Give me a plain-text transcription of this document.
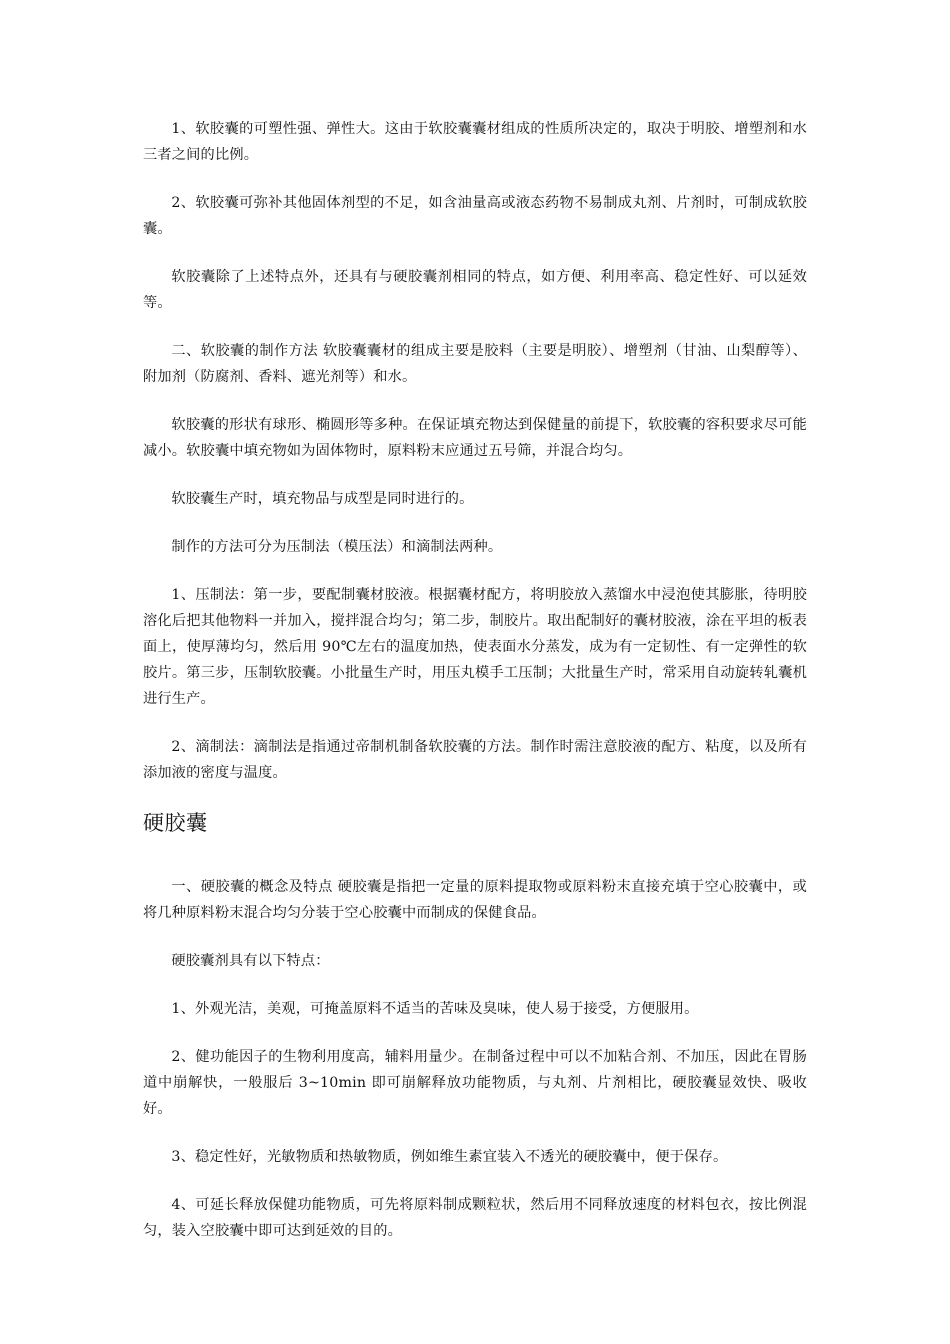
1、软胶囊的可塑性强、弹性大。这由于软胶囊囊材组成的性质所决定的，取决于明胶、增塑剂和水三者之间的比例。

2、软胶囊可弥补其他固体剂型的不足，如含油量高或液态药物不易制成丸剂、片剂时，可制成软胶囊。

软胶囊除了上述特点外，还具有与硬胶囊剂相同的特点，如方便、利用率高、稳定性好、可以延效等。

二、软胶囊的制作方法 软胶囊囊材的组成主要是胶料（主要是明胶）、增塑剂（甘油、山梨醇等）、附加剂（防腐剂、香料、遮光剂等）和水。

软胶囊的形状有球形、椭圆形等多种。在保证填充物达到保健量的前提下，软胶囊的容积要求尽可能减小。软胶囊中填充物如为固体物时，原料粉末应通过五号筛，并混合均匀。

软胶囊生产时，填充物品与成型是同时进行的。

制作的方法可分为压制法（模压法）和滴制法两种。

1、压制法：第一步，要配制囊材胶液。根据囊材配方，将明胶放入蒸馏水中浸泡使其膨胀，待明胶溶化后把其他物料一并加入，搅拌混合均匀；第二步，制胶片。取出配制好的囊材胶液，涂在平坦的板表面上，使厚薄均匀，然后用 90℃左右的温度加热，使表面水分蒸发，成为有一定韧性、有一定弹性的软胶片。第三步，压制软胶囊。小批量生产时，用压丸模手工压制；大批量生产时，常采用自动旋转轧囊机进行生产。

2、滴制法：滴制法是指通过帝制机制备软胶囊的方法。制作时需注意胶液的配方、粘度，以及所有添加液的密度与温度。

硬胶囊

一、硬胶囊的概念及特点 硬胶囊是指把一定量的原料提取物或原料粉末直接充填于空心胶囊中，或将几种原料粉末混合均匀分装于空心胶囊中而制成的保健食品。

硬胶囊剂具有以下特点：

1、外观光洁，美观，可掩盖原料不适当的苦味及臭味，使人易于接受，方便服用。

2、健功能因子的生物利用度高，辅料用量少。在制备过程中可以不加粘合剂、不加压，因此在胃肠道中崩解快，一般服后 3~10min 即可崩解释放功能物质，与丸剂、片剂相比，硬胶囊显效快、吸收好。

3、稳定性好，光敏物质和热敏物质，例如维生素宜装入不透光的硬胶囊中，便于保存。

4、可延长释放保健功能物质，可先将原料制成颗粒状，然后用不同释放速度的材料包衣，按比例混匀，装入空胶囊中即可达到延效的目的。
